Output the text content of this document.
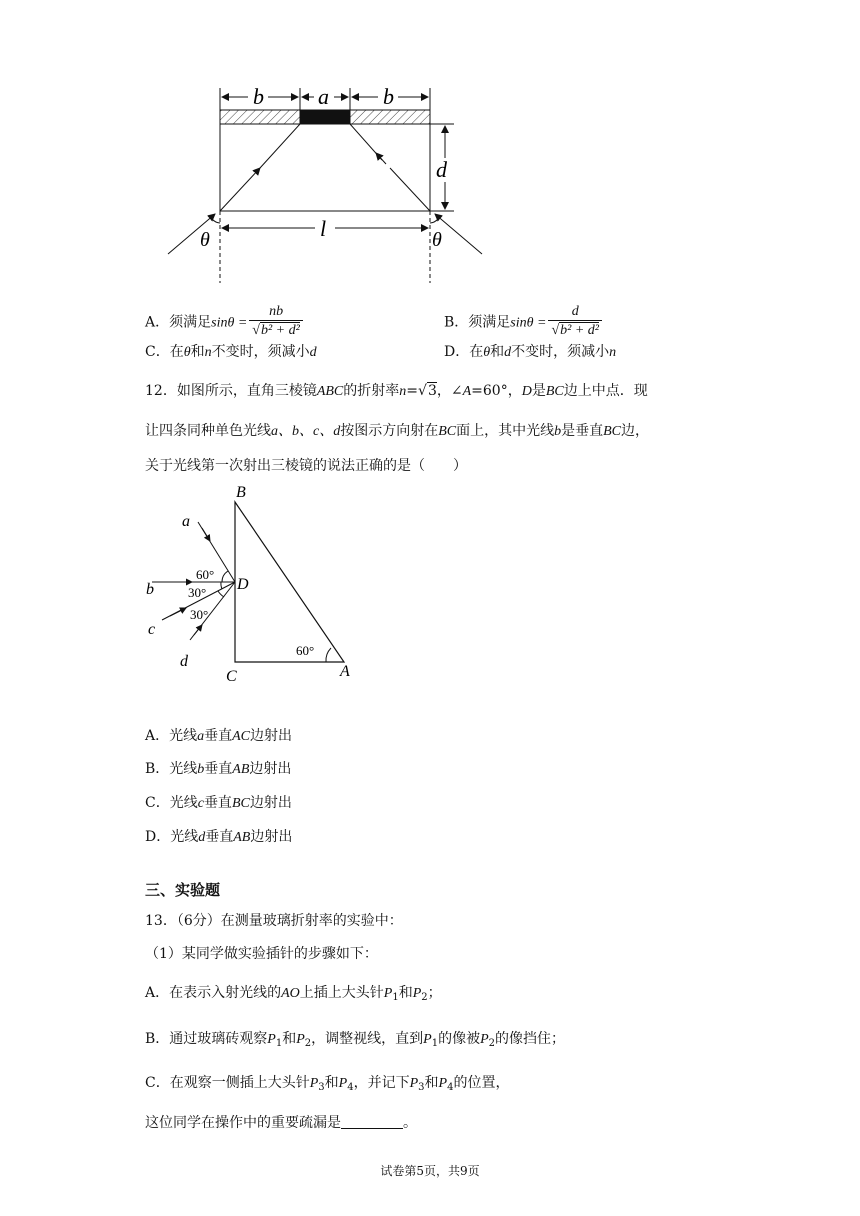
b a b
d
l
θ	θ
A．须满足$\sin\theta = \frac{nb}{\text{√b² + d²}}$	B．须满足$\sin\theta = \frac{d}{\text{√b² + d²}}$
C．在θ和n不变时，须减小d	D．在θ和d不变时，须减小n
12．如图所示，直角三棱镜ABC的折射率n=√3，∠A=60°，D是BC边上中点．现
让四条同种单色光线a、b、c、d按图示方向射在BC面上，其中光线b是垂直BC边，
关于光线第一次射出三棱镜的说法正确的是（　　）
B
C	A
D
60°
a
b
c
d
60°
30°
30°
A．光线a垂直AC边射出
B．光线b垂直AB边射出
C．光线c垂直BC边射出
D．光线d垂直AB边射出
三、实验题
13．（6分）在测量玻璃折射率的实验中：
（1）某同学做实验插针的步骤如下：
A．在表示入射光线的AO上插上大头针$P_1$和$P_2$；
B．通过玻璃砖观察$P_1$和$P_2$，调整视线，直到$P_1$的像被$P_2$的像挡住；
C．在观察一侧插上大头针$P_3$和$P_4$，并记下$P_3$和$P_4$的位置，
这位同学在操作中的重要疏漏是	。
试卷第5页，共9页
